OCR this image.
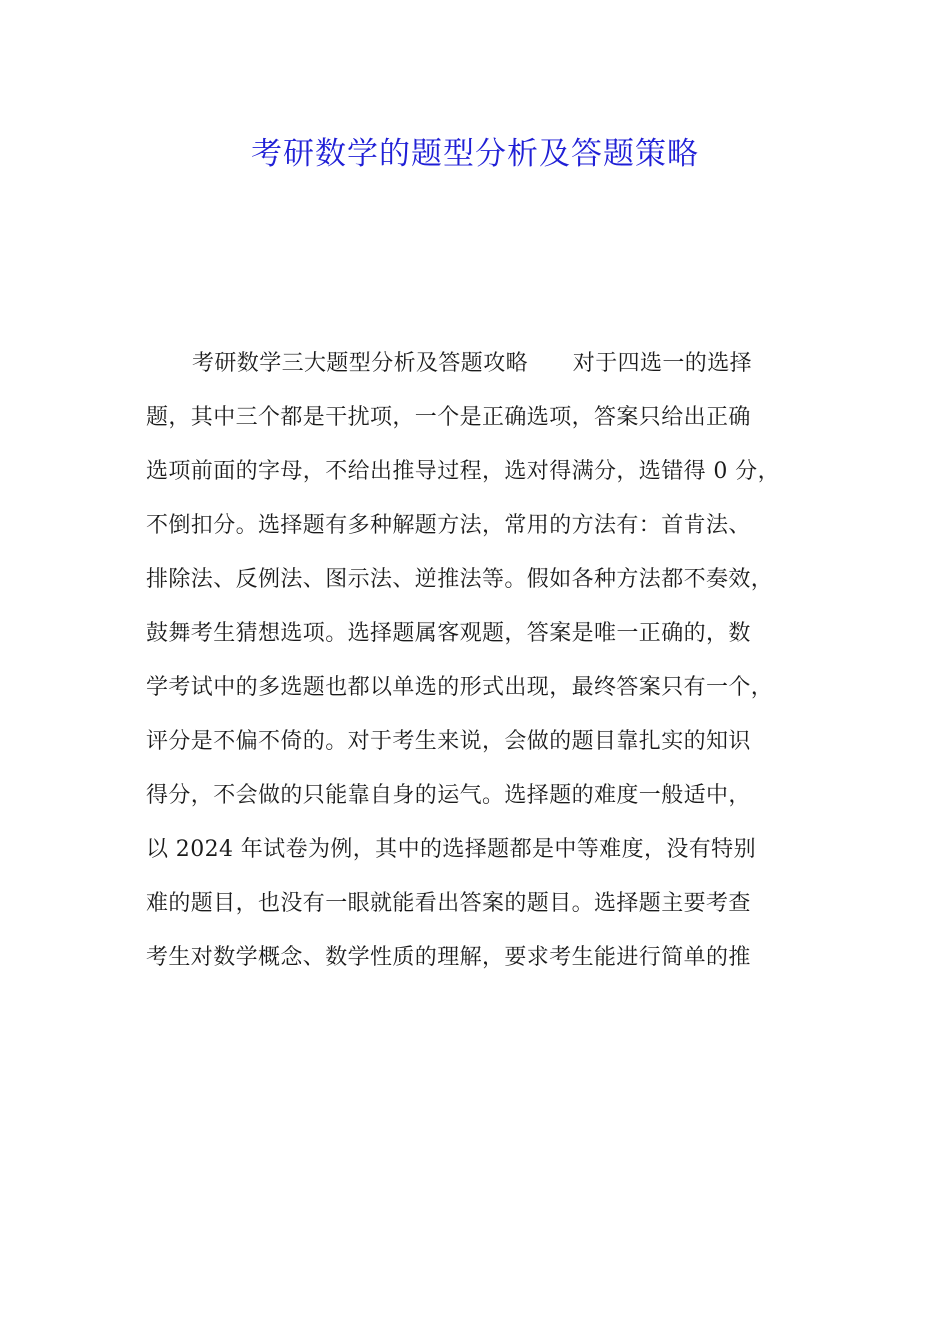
考研数学的题型分析及答题策略
考研数学三大题型分析及答题攻略　　对于四选一的选择
题，其中三个都是干扰项，一个是正确选项，答案只给出正确
选项前面的字母，不给出推导过程，选对得满分，选错得 0 分，
不倒扣分。选择题有多种解题方法，常用的方法有：首肯法、
排除法、反例法、图示法、逆推法等。假如各种方法都不奏效，
鼓舞考生猜想选项。选择题属客观题，答案是唯一正确的，数
学考试中的多选题也都以单选的形式出现，最终答案只有一个，
评分是不偏不倚的。对于考生来说，会做的题目靠扎实的知识
得分，不会做的只能靠自身的运气。选择题的难度一般适中，
以 2024 年试卷为例，其中的选择题都是中等难度，没有特别
难的题目，也没有一眼就能看出答案的题目。选择题主要考查
考生对数学概念、数学性质的理解，要求考生能进行简单的推
